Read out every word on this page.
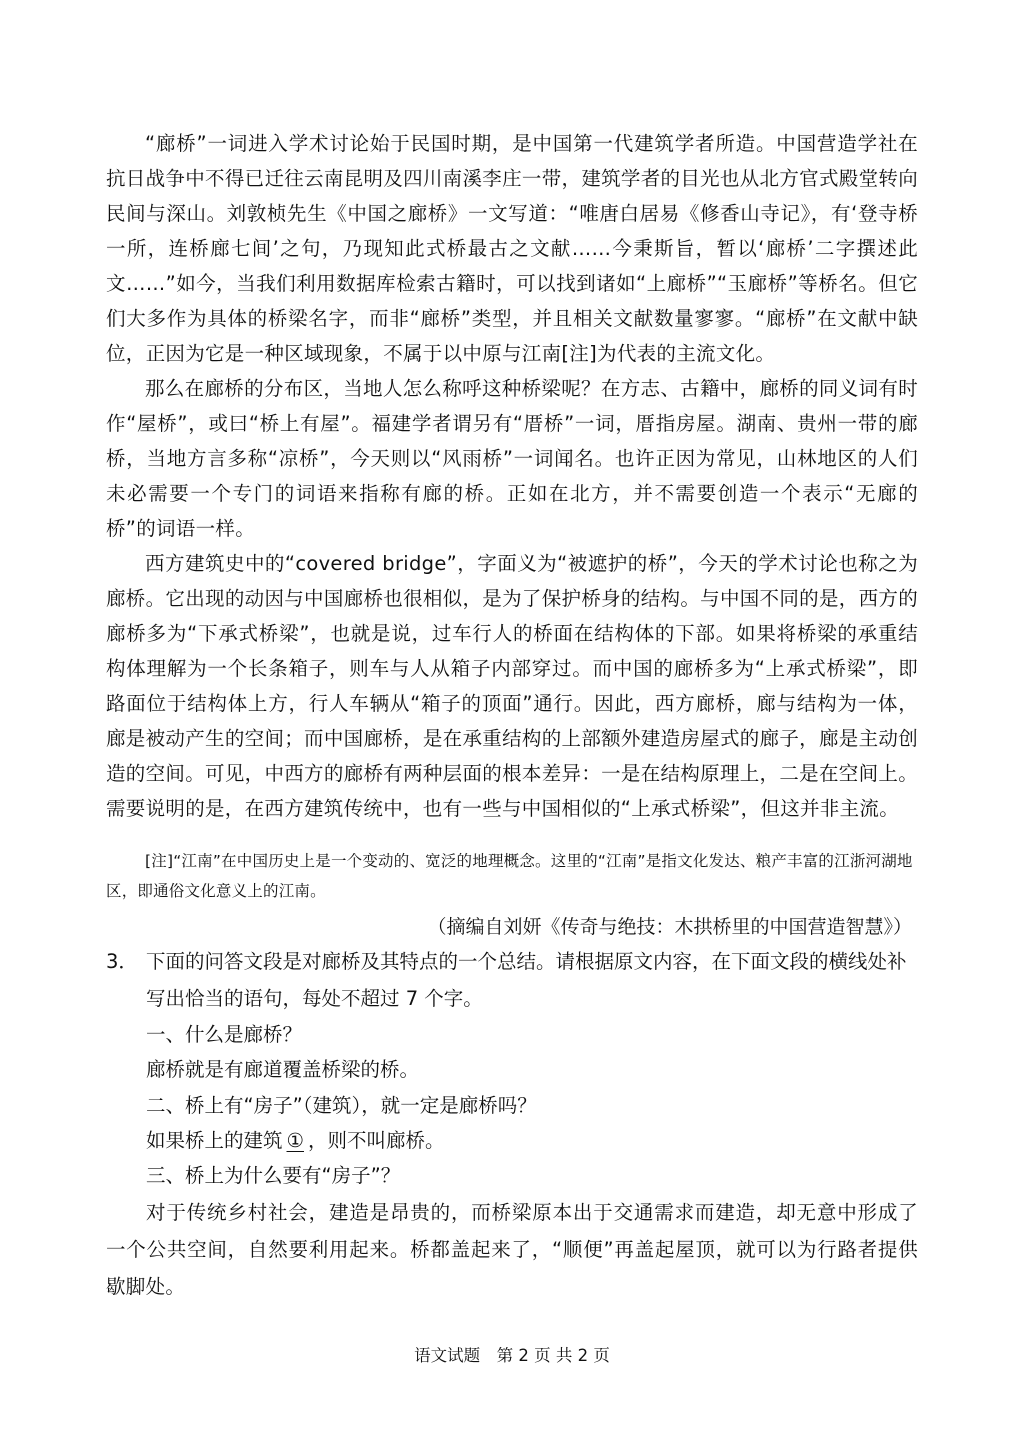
“廊桥”一词进入学术讨论始于民国时期，是中国第一代建筑学者所造。中国营造学社在抗日战争中不得已迁往云南昆明及四川南溪李庄一带，建筑学者的目光也从北方官式殿堂转向民间与深山。刘敦桢先生《中国之廊桥》一文写道：“唯唐白居易《修香山寺记》，有‘登寺桥一所，连桥廊七间’之句，乃现知此式桥最古之文献……今秉斯旨，暂以‘廊桥’二字撰述此文……”如今，当我们利用数据库检索古籍时，可以找到诸如“上廊桥”“玉廊桥”等桥名。但它们大多作为具体的桥梁名字，而非“廊桥”类型，并且相关文献数量寥寥。“廊桥”在文献中缺位，正因为它是一种区域现象，不属于以中原与江南[注]为代表的主流文化。

那么在廊桥的分布区，当地人怎么称呼这种桥梁呢？在方志、古籍中，廊桥的同义词有时作“屋桥”，或曰“桥上有屋”。福建学者谓另有“厝桥”一词，厝指房屋。湖南、贵州一带的廊桥，当地方言多称“凉桥”，今天则以“风雨桥”一词闻名。也许正因为常见，山林地区的人们未必需要一个专门的词语来指称有廊的桥。正如在北方，并不需要创造一个表示“无廊的桥”的词语一样。

西方建筑史中的“covered bridge”，字面义为“被遮护的桥”，今天的学术讨论也称之为廊桥。它出现的动因与中国廊桥也很相似，是为了保护桥身的结构。与中国不同的是，西方的廊桥多为“下承式桥梁”，也就是说，过车行人的桥面在结构体的下部。如果将桥梁的承重结构体理解为一个长条箱子，则车与人从箱子内部穿过。而中国的廊桥多为“上承式桥梁”，即路面位于结构体上方，行人车辆从“箱子的顶面”通行。因此，西方廊桥，廊与结构为一体，廊是被动产生的空间；而中国廊桥，是在承重结构的上部额外建造房屋式的廊子，廊是主动创造的空间。可见，中西方的廊桥有两种层面的根本差异：一是在结构原理上，二是在空间上。需要说明的是，在西方建筑传统中，也有一些与中国相似的“上承式桥梁”，但这并非主流。

[注]“江南”在中国历史上是一个变动的、宽泛的地理概念。这里的“江南”是指文化发达、粮产丰富的江浙河湖地区，即通俗文化意义上的江南。

（摘编自刘妍《传奇与绝技：木拱桥里的中国营造智慧》）

3． 下面的问答文段是对廊桥及其特点的一个总结。请根据原文内容，在下面文段的横线处补
写出恰当的语句，每处不超过 7 个字。

一、什么是廊桥？

廊桥就是有廊道覆盖桥梁的桥。

二、桥上有“房子”（建筑），就一定是廊桥吗？

如果桥上的建筑 ① ，则不叫廊桥。

三、桥上为什么要有“房子”？

对于传统乡村社会，建造是昂贵的，而桥梁原本出于交通需求而建造，却无意中形成了一个公共空间，自然要利用起来。桥都盖起来了，“顺便”再盖起屋顶，就可以为行路者提供歇脚处。

语文试题　第 2 页 共 2 页
